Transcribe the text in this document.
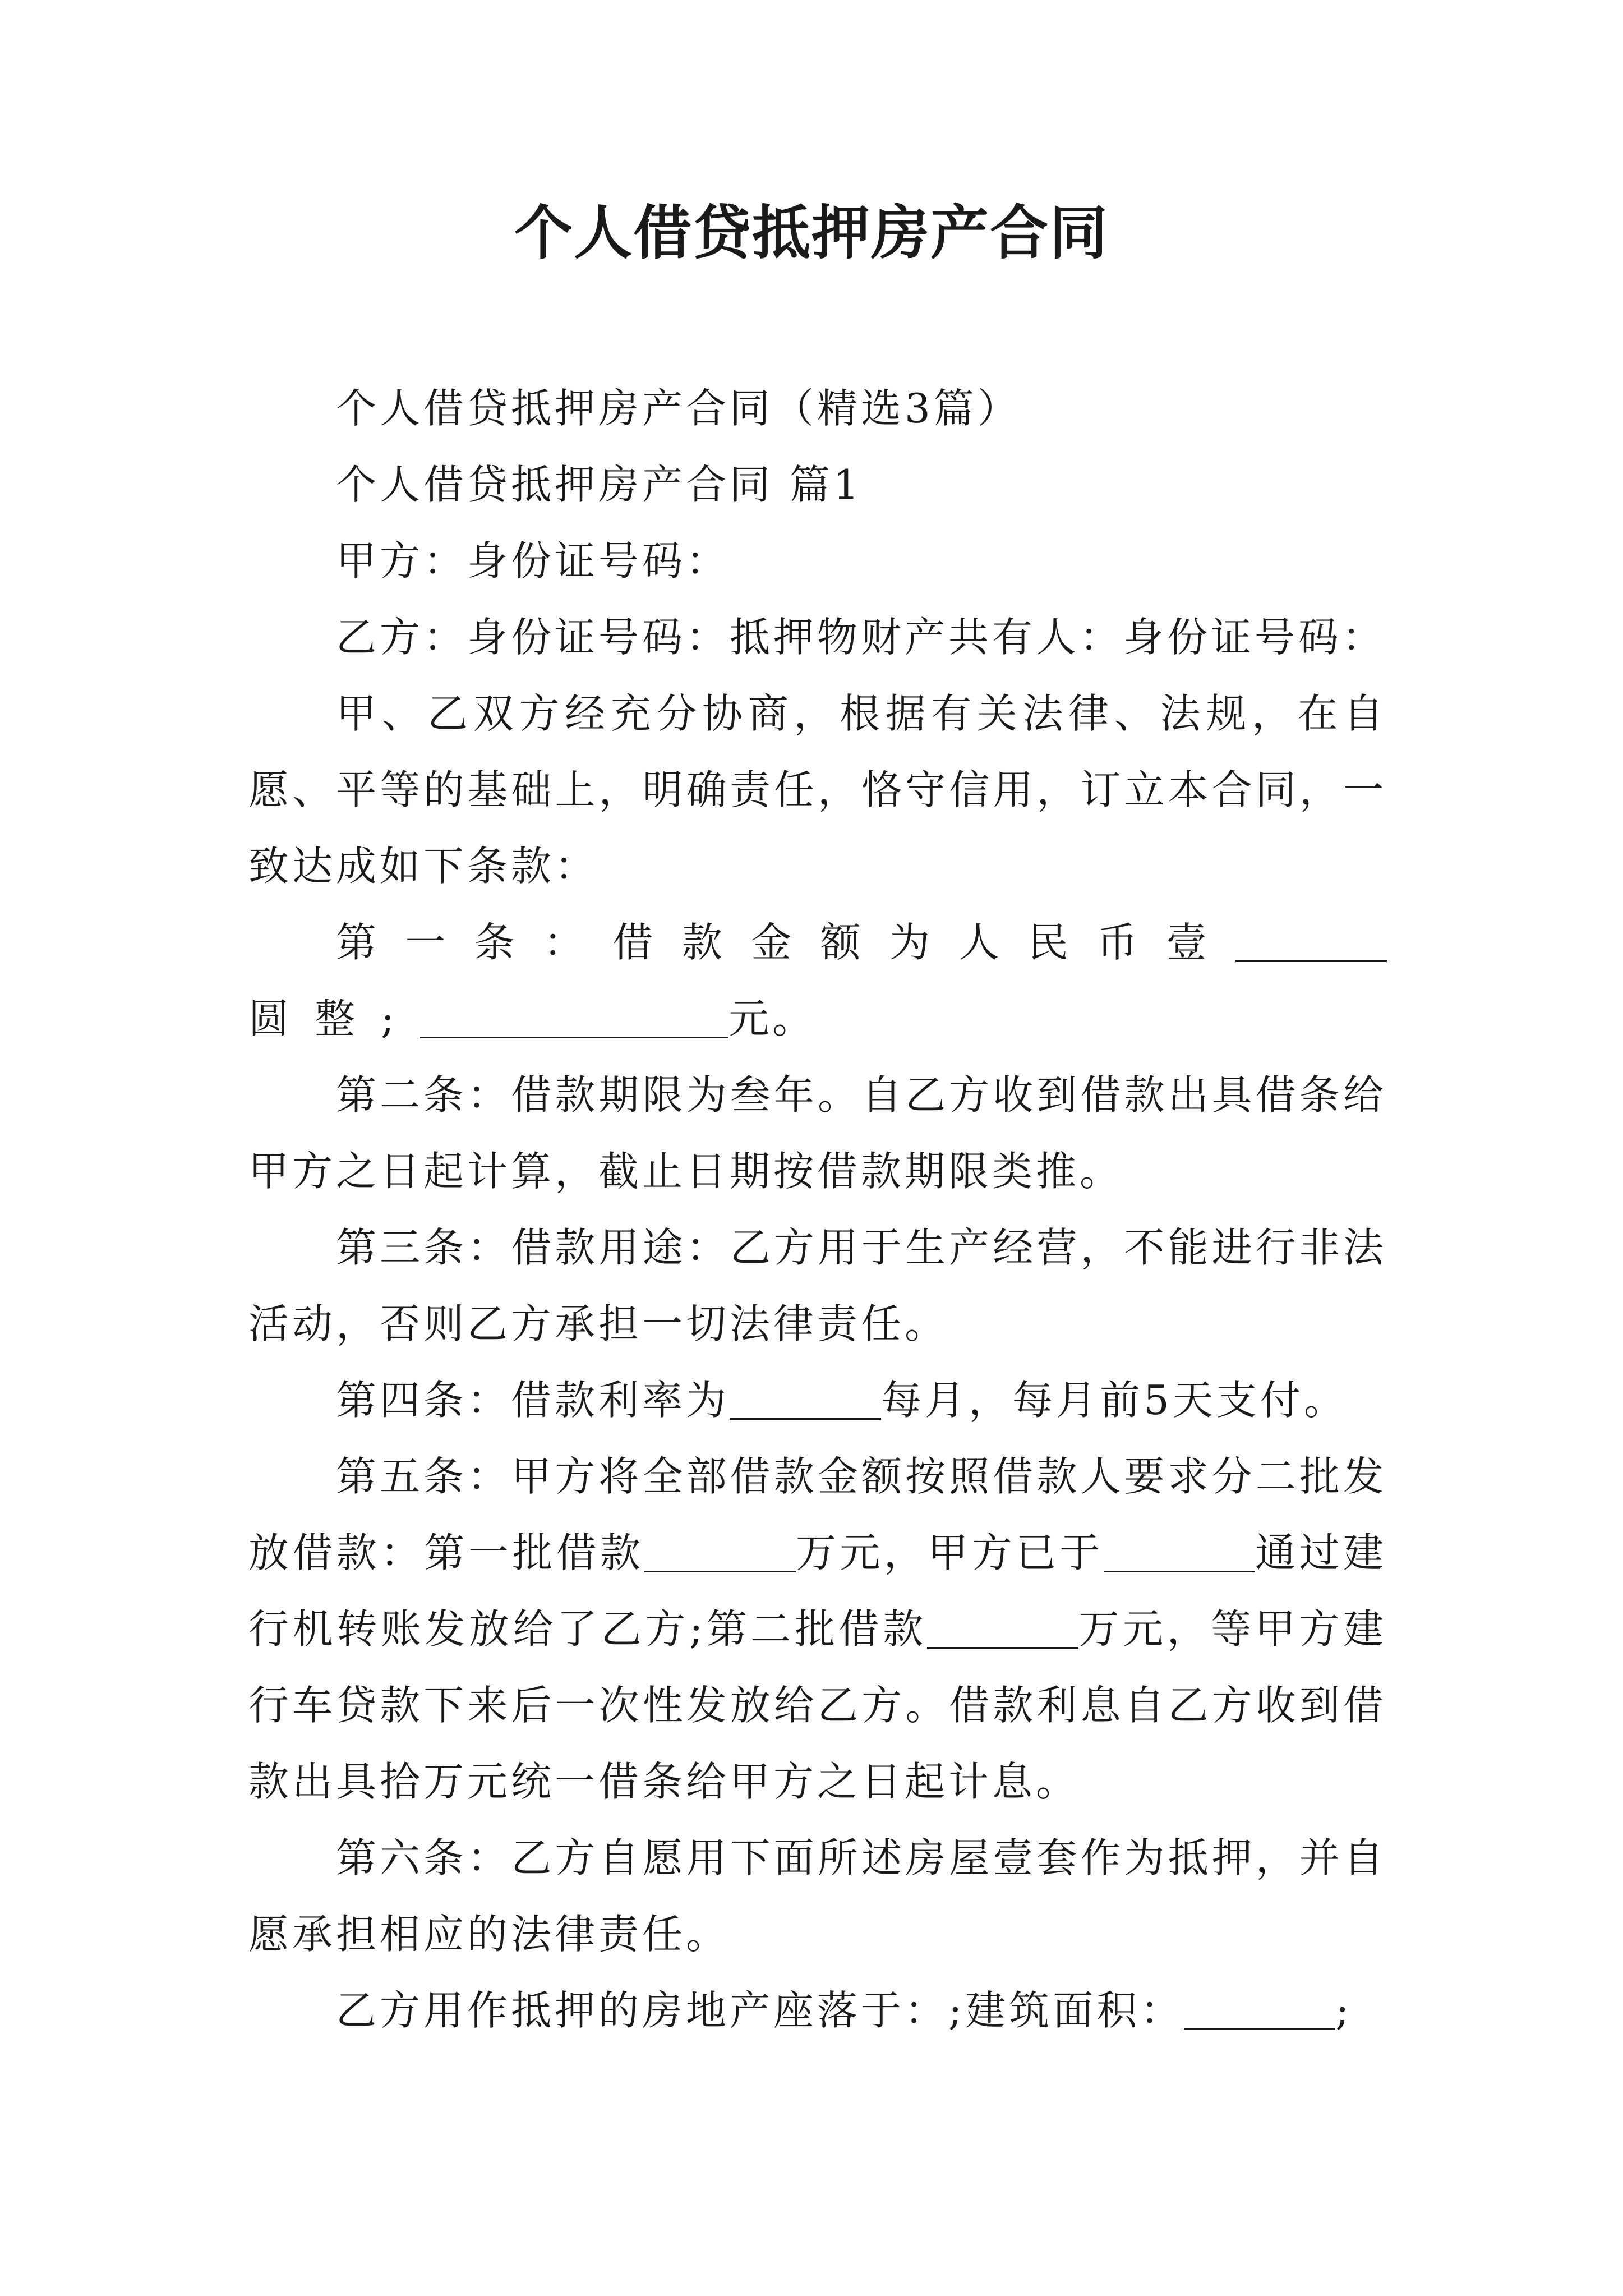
个人借贷抵押房产合同

个人借贷抵押房产合同（精选3篇）

个人借贷抵押房产合同 篇1

甲方：身份证号码：

乙方：身份证号码：抵押物财产共有人：身份证号码：

甲、乙双方经充分协商，根据有关法律、法规，在自愿、平等的基础上，明确责任，恪守信用，订立本合同，一致达成如下条款：

第一条：借款金额为人民币壹圆整;	元。

第二条：借款期限为叁年。自乙方收到借款出具借条给甲方之日起计算，截止日期按借款期限类推。

第三条：借款用途：乙方用于生产经营，不能进行非法活动，否则乙方承担一切法律责任。

第四条：借款利率为	每月，每月前5天支付。

第五条：甲方将全部借款金额按照借款人要求分二批发放借款：第一批借款	万元，甲方已于	通过建行机转账发放给了乙方;第二批借款	万元，等甲方建行车贷款下来后一次性发放给乙方。借款利息自乙方收到借款出具拾万元统一借条给甲方之日起计息。

第六条：乙方自愿用下面所述房屋壹套作为抵押，并自愿承担相应的法律责任。

乙方用作抵押的房地产座落于：;建筑面积：	;
